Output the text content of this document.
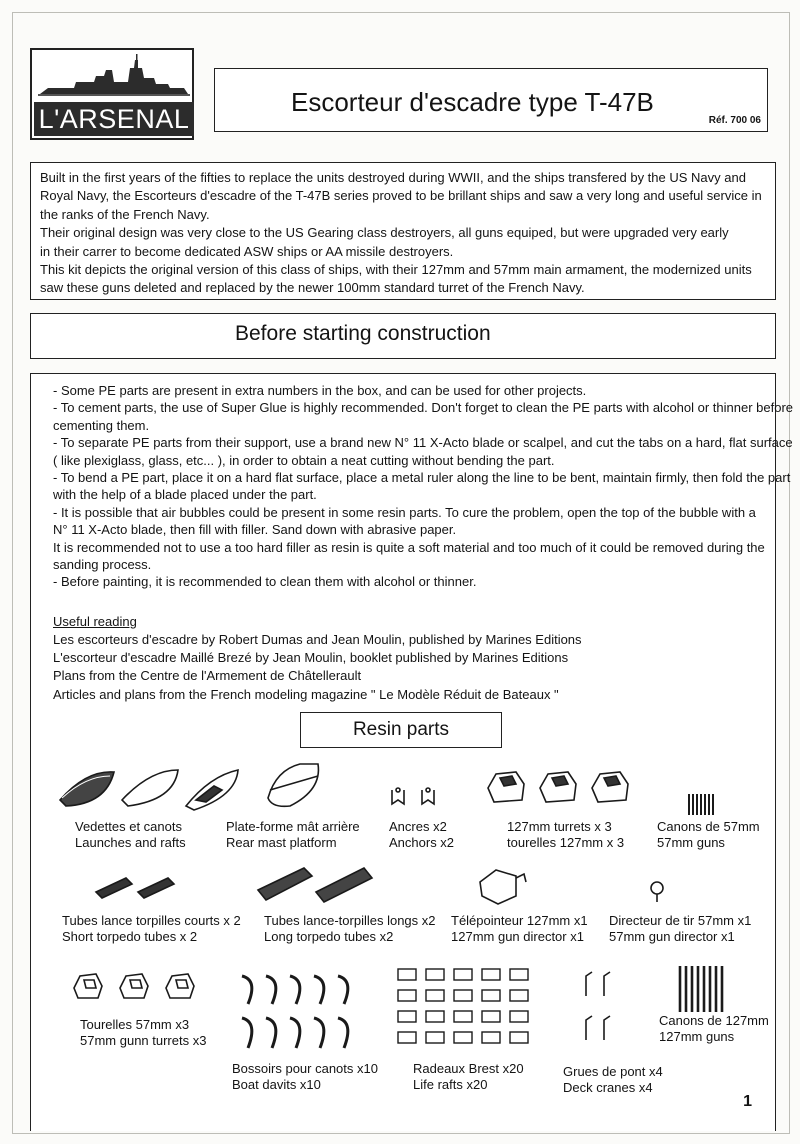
L'ARSENAL
Escorteur d'escadre type T-47B
Réf. 700 06

Built in the first years of the fifties to replace the units destroyed during WWII, and the ships transfered by the US Navy and

Royal Navy, the Escorteurs d'escadre of the T-47B series proved to be brillant ships and saw a very long and useful service in

the ranks of the French Navy.

Their original design was very close to the US Gearing class destroyers, all guns equiped, but were upgraded very early

in their carrer to become dedicated ASW ships or AA missile destroyers.

This kit depicts the original version of this class of ships, with their 127mm and 57mm main armament, the modernized units

saw these guns deleted and replaced by the newer 100mm standard turret of the French Navy.

Before starting construction

- Some PE parts are present in extra numbers in the box, and can be used for other projects.

- To cement parts, the use of Super Glue is highly recommended. Don't forget to clean the PE parts with alcohol or thinner before

cementing them.

- To separate PE parts from their support, use a brand new N° 11 X-Acto blade or scalpel, and cut the tabs on a hard, flat surface

( like plexiglass, glass, etc... ), in order to obtain a neat cutting without bending the part.

- To bend a PE part, place it on a hard flat surface, place a metal ruler along the line to be bent, maintain firmly, then fold the part

with the help of a blade placed under the part.

- It is possible that air bubbles could be present in some resin parts. To cure the problem, open the top of the bubble with a

N° 11 X-Acto blade, then fill with filler. Sand down with abrasive paper.

It is recommended not to use a too hard filler as resin is quite a soft material and too much of it could be removed during the

sanding process.

- Before painting, it is recommended to clean them with alcohol or thinner.

Useful reading

Les escorteurs d'escadre by Robert Dumas and Jean Moulin, published by Marines Editions

L'escorteur d'escadre Maillé Brezé by Jean Moulin, booklet published by Marines Editions

Plans from the Centre de l'Armement de Châtellerault

Articles and plans from the French modeling magazine " Le Modèle Réduit de Bateaux "

Resin parts
Vedettes et canots
Launches and rafts
Plate-forme mât arrière
Rear mast platform
Ancres x2
Anchors x2
127mm turrets x 3
tourelles 127mm x 3
Canons de 57mm
57mm guns
Tubes lance torpilles courts x 2
Short torpedo tubes x 2
Tubes lance-torpilles longs x2
Long torpedo tubes x2
Télépointeur 127mm x1
127mm gun director x1
Directeur de tir 57mm x1
57mm gun director x1
Tourelles 57mm x3
57mm gunn turrets x3
Bossoirs pour canots x10
Boat davits x10
Radeaux Brest x20
Life rafts x20
Grues de pont x4
Deck cranes x4
Canons de 127mm
127mm guns
1
